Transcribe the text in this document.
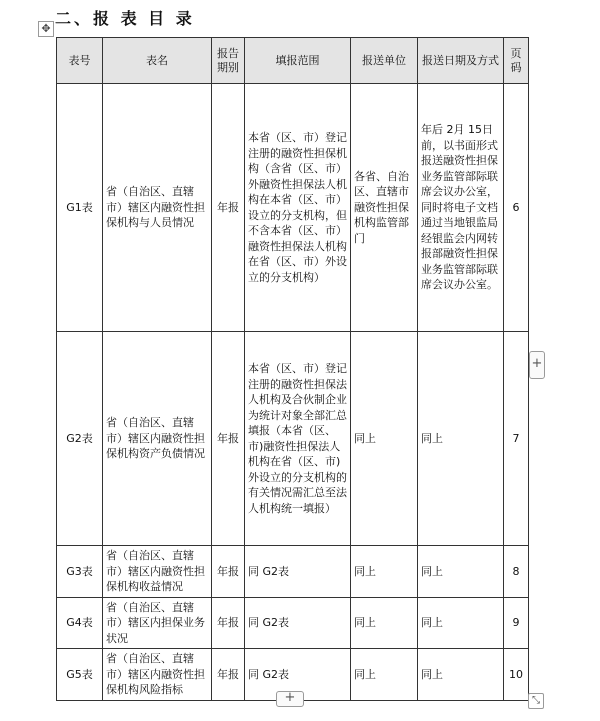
二、报 表 目 录
✥
表号	表名	报告期别	填报范围	报送单位	报送日期及方式	页码
G1表	省（自治区、直辖市）辖区内融资性担保机构与人员情况	年报	本省（区、市）登记注册的融资性担保机构（含省（区、市）外融资性担保法人机构在本省（区、市）设立的分支机构，但不含本省（区、市）融资性担保法人机构在省（区、市）外设立的分支机构）	各省、自治区、直辖市融资性担保机构监管部门	年后 2月 15日前，以书面形式报送融资性担保业务监管部际联席会议办公室，同时将电子文档通过当地银监局经银监会内网转报部融资性担保业务监管部际联席会议办公室。	6
G2表	省（自治区、直辖市）辖区内融资性担保机构资产负债情况	年报	本省（区、市）登记注册的融资性担保法人机构及合伙制企业为统计对象全部汇总填报（本省（区、市)融资性担保法人机构在省（区、市)外设立的分支机构的有关情况需汇总至法人机构统一填报）	同上	同上	7
G3表	省（自治区、直辖市）辖区内融资性担保机构收益情况	年报	同 G2表	同上	同上	8
G4表	省（自治区、直辖市）辖区内担保业务状况	年报	同 G2表	同上	同上	9
G5表	省（自治区、直辖市）辖区内融资性担保机构风险指标	年报	同 G2表	同上	同上	10
+
+	⤡
